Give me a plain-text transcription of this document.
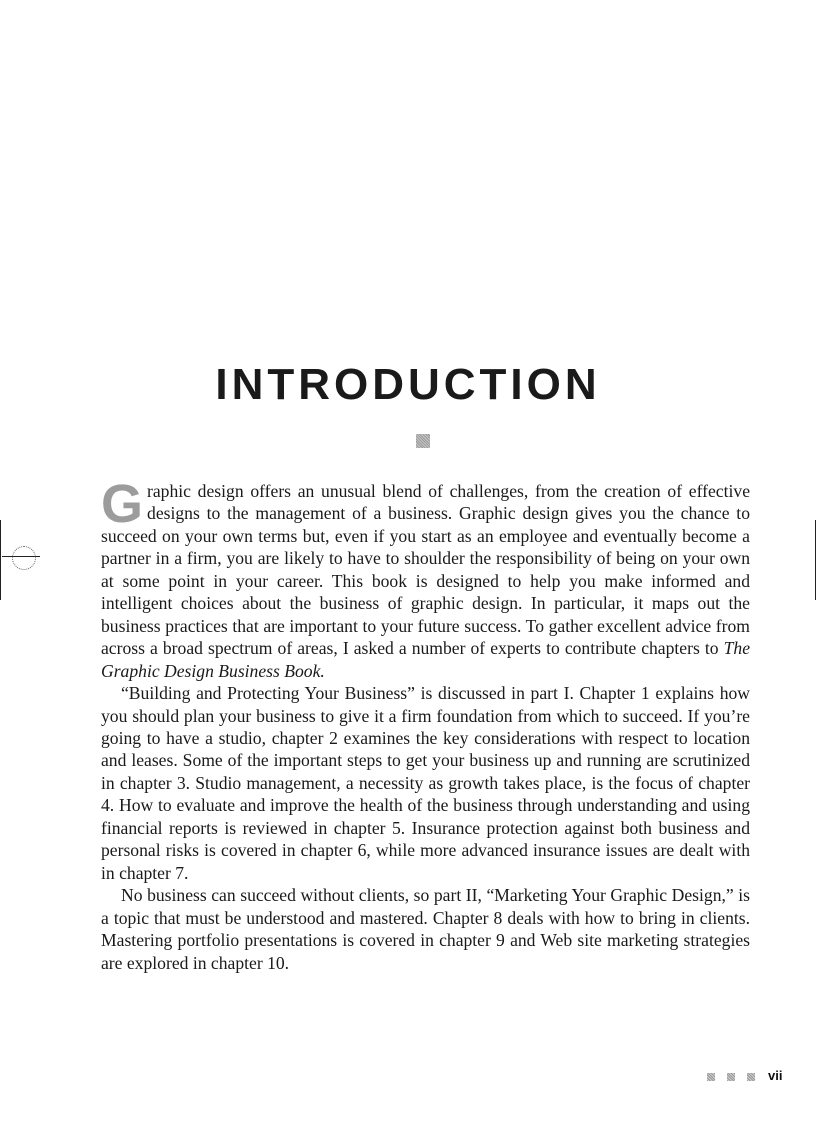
INTRODUCTION

Graphic design offers an unusual blend of challenges, from the creation of effective designs to the management of a business. Graphic design gives you the chance to succeed on your own terms but, even if you start as an employee and eventually become a partner in a firm, you are likely to have to shoulder the responsibility of being on your own at some point in your career. This book is designed to help you make informed and intelligent choices about the business of graphic design. In particular, it maps out the business practices that are important to your future success. To gather excellent advice from across a broad spectrum of areas, I asked a number of experts to contribute chapters to The Graphic Design Business Book.

“Building and Protecting Your Business” is discussed in part I. Chapter 1 explains how you should plan your business to give it a firm foundation from which to succeed. If you’re going to have a studio, chapter 2 examines the key considerations with respect to location and leases. Some of the important steps to get your business up and running are scrutinized in chapter 3. Studio management, a necessity as growth takes place, is the focus of chapter 4. How to evaluate and improve the health of the business through understanding and using financial reports is reviewed in chapter 5. Insurance protection against both business and personal risks is covered in chapter 6, while more advanced insurance issues are dealt with in chapter 7.

No business can succeed without clients, so part II, “Marketing Your Graphic Design,” is a topic that must be understood and mastered. Chapter 8 deals with how to bring in clients. Mastering portfolio presentations is covered in chapter 9 and Web site marketing strategies are explored in chapter 10.

vii
